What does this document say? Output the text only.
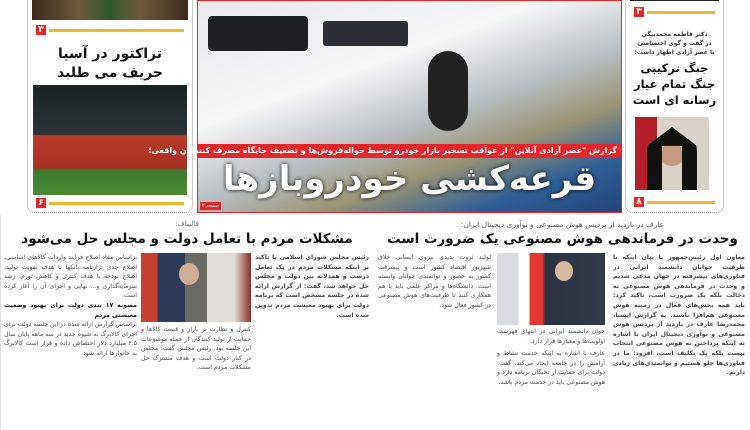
۳
تراکتور در آسیا
حریف می طلبد
۶
گزارش "عصر آزادی آنلاین" از عواقب تسخیر بازار خودرو توسط حواله‌فروش‌ها و تضعیف جایگاه مصرف کنندگان واقعی؛
قرعه‌کشی خودروبازها
صفحه ۲
۳
دکتر فاطمه محمدبیگی
در گفت و گوی اختصاصی
با عصر آزادی اظهار داشت:
جنگ ترکیبی
جنگ تمام عیار
رسانه ای است
۸
عارف در بازدید از پردیس هوش مصنوعی و نوآوری دیجیتال ایران:
وحدت در فرماندهی هوش مصنوعی یک ضرورت است
معاون اول رئیس‌جمهور با بیان اینکه با ظرفیت جوانان دانشمند ایرانی در فناوری‌های پیشرفته در جهان مدعی شدیم و وحدت در فرماندهی هوش مصنوعی نه دخالت بلکه یک ضرورت است، تاکید کرد: باید همه بخش‌های فعال در زمینه هوش مصنوعی هم‌افزا باشند. به گزارش ایسنا، محمدرضا عارف در بازدید از پردیس هوش مصنوعی و نوآوری دیجیتال ایران با اشاره به اینکه پرداختن به هوش مصنوعی انتخاب نیست بلکه یک تکلیف است، افزود: ما در فناوری‌ها جلو هستیم و توانمندی‌های زیادی داریم.
جوان دانشمند ایرانی در انتهای فهرست اولویت‌ها و معیارها قرار دارد.
عارف با اشاره به اینکه خدمت نشاط و آرامش را در جامعه ایجاد می‌کند، گفت: دولت برای حمایت از نخبگان برنامه دارد و هوش مصنوعی باید در خدمت مردم باشد.
لولید ثروت پدیدی نیروی انسانی خلاق شهریور اقتصاد کشور است و پیشرفت کشور به حضور و توانمندی جوانان وابسته است. دانشگاه‌ها و مراکز علمی باید با هم همکاری کنند تا ظرفیت‌های هوش مصنوعی در کشور فعال شود.
قالیباف:
مشکلات مردم با تعامل دولت و مجلس حل می‌شود
رئیس مجلس شورای اسلامی با تاکید بر اینکه مشکلات مردم در یک تعامل درست و همدلانه بین دولت و مجلس حل خواهد شد، گفت: از گزارش ارائه شده در جلسه مشخص است که برنامه دولت برای بهبود معیشت مردم تدوین شده است.
کنترل و نظارت بر بازار و قیمت کالاها و حمایت از تولید کنندگان از جمله موضوعات این جلسه بود. رئیس مجلس گفت: مجلس در کنار دولت است و هدف مشترک حل مشکلات مردم است.
براساس مفاد اصلاح فرایند واردات کالاهای اساسی، اصلاح جدی ترازنامه بانکها با هدف تقویت تولید، اصلاح بودجه با هدف کنترل و کاهش تورم، رشد سرمایه‌گذاری و... نهایی و اجرای آن را آغاز کرده است.
مصوبه ۱۷ بندی دولت برای بهبود وضعیت معیشتی مردم
براساس گزارش ارائه شده در این جلسه دولت برای اجرای کالابرگ به شیوه جدید در سه ماهه پایان سال ۲.۵ میلیارد دلار اختصاص داده و قرار است کالابرگ به خانوارها ارائه شود.
